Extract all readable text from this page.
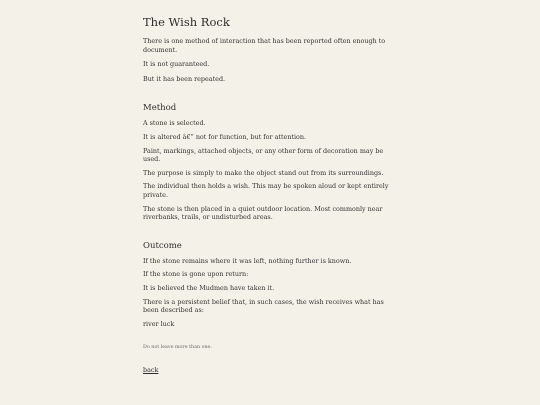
The Wish Rock

There is one method of interaction that has been reported often enough to document.

It is not guaranteed.

But it has been repeated.

Method

A stone is selected.

It is altered â€” not for function, but for attention.

Paint, markings, attached objects, or any other form of decoration may be used.

The purpose is simply to make the object stand out from its surroundings.

The individual then holds a wish. This may be spoken aloud or kept entirely private.

The stone is then placed in a quiet outdoor location. Most commonly near riverbanks, trails, or undisturbed areas.

Outcome

If the stone remains where it was left, nothing further is known.

If the stone is gone upon return:

It is believed the Mudmen have taken it.

There is a persistent belief that, in such cases, the wish receives what has been described as:

river luck

Do not leave more than one.

back
